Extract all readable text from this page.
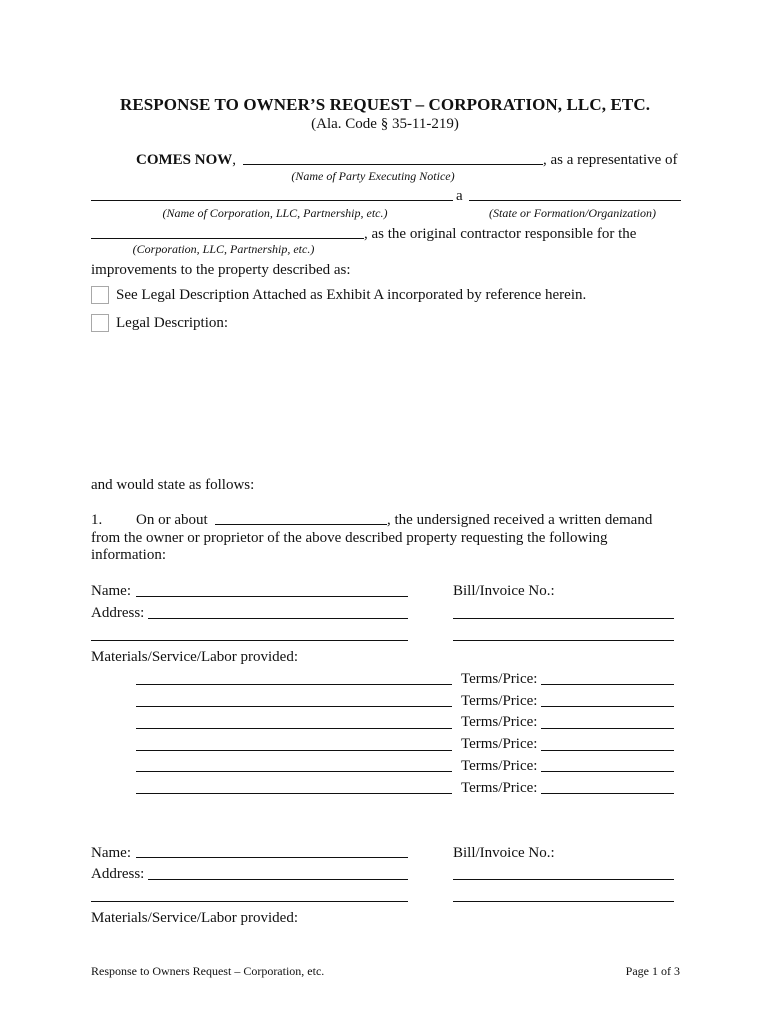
RESPONSE TO OWNER’S REQUEST – CORPORATION, LLC, ETC.
(Ala. Code § 35-11-219)
COMES NOW,	, as a representative of
(Name of Party Executing Notice)
a
(Name of Corporation, LLC, Partnership, etc.)	(State or Formation/Organization)
, as the original contractor responsible for the
(Corporation, LLC, Partnership, etc.)
improvements to the property described as:
See Legal Description Attached as Exhibit A incorporated by reference herein.
Legal Description:
and would state as follows:
1. On or about	, the undersigned received a written demand
from the owner or proprietor of the above described property requesting the following
information:
Name:	Bill/Invoice No.:
Address:
Materials/Service/Labor provided:
Terms/Price:
Terms/Price:
Terms/Price:
Terms/Price:
Terms/Price:
Terms/Price:
Name:	Bill/Invoice No.:
Address:
Materials/Service/Labor provided:
Response to Owners Request – Corporation, etc.	Page 1 of 3
